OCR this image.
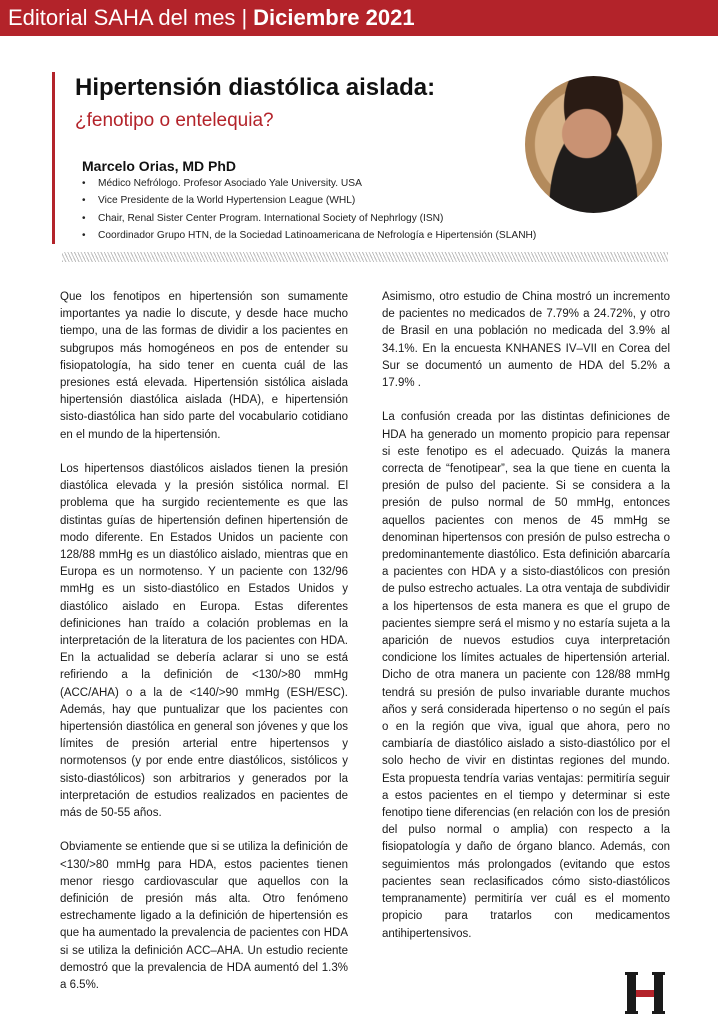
Editorial SAHA del mes | Diciembre 2021
Hipertensión diastólica aislada:
¿fenotipo o entelequia?
Marcelo Orias, MD PhD
• Médico Nefrólogo. Profesor Asociado Yale University. USA
• Vice Presidente de la World Hypertension League (WHL)
• Chair, Renal Sister Center Program. International Society of Nephrlogy (ISN)
• Coordinador Grupo HTN, de la Sociedad Latinoamericana de Nefrología e Hipertensión (SLANH)

Que los fenotipos en hipertensión son sumamente importantes ya nadie lo discute, y desde hace mucho tiempo, una de las formas de dividir a los pacientes en subgrupos más homogéneos en pos de entender su fisiopatología, ha sido tener en cuenta cuál de las presiones está elevada. Hipertensión sistólica aislada hipertensión diastólica aislada (HDA), e hipertensión sisto-diastólica han sido parte del vocabulario cotidiano en el mundo de la hipertensión.

Los hipertensos diastólicos aislados tienen la presión diastólica elevada y la presión sistólica normal. El problema que ha surgido recientemente es que las distintas guías de hipertensión definen hipertensión de modo diferente. En Estados Unidos un paciente con 128/88 mmHg es un diastólico aislado, mientras que en Europa es un normotenso. Y un paciente con 132/96 mmHg es un sisto-diastólico en Estados Unidos y diastólico aislado en Europa. Estas diferentes definiciones han traído a colación problemas en la interpretación de la literatura de los pacientes con HDA. En la actualidad se debería aclarar si uno se está refiriendo a la definición de <130/>80 mmHg (ACC/AHA) o a la de <140/>90 mmHg (ESH/ESC). Además, hay que puntualizar que los pacientes con hipertensión diastólica en general son jóvenes y que los límites de presión arterial entre hipertensos y normotensos (y por ende entre diastólicos, sistólicos y sisto-diastólicos) son arbitrarios y generados por la interpretación de estudios realizados en pacientes de más de 50-55 años.

Obviamente se entiende que si se utiliza la definición de <130/>80 mmHg para HDA, estos pacientes tienen menor riesgo cardiovascular que aquellos con la definición de presión más alta. Otro fenómeno estrechamente ligado a la definición de hipertensión es que ha aumentado la prevalencia de pacientes con HDA si se utiliza la definición ACC–AHA. Un estudio reciente demostró que la prevalencia de HDA aumentó del 1.3% a 6.5%.

Asimismo, otro estudio de China mostró un incremento de pacientes no medicados de 7.79% a 24.72%, y otro de Brasil en una población no medicada del 3.9% al 34.1%. En la encuesta KNHANES IV–VII en Corea del Sur se documentó un aumento de HDA del 5.2% a 17.9% .

La confusión creada por las distintas definiciones de HDA ha generado un momento propicio para repensar si este fenotipo es el adecuado. Quizás la manera correcta de “fenotipear”, sea la que tiene en cuenta la presión de pulso del paciente. Si se considera a la presión de pulso normal de 50 mmHg, entonces aquellos pacientes con menos de 45 mmHg se denominan hipertensos con presión de pulso estrecha o predominantemente diastólico. Esta definición abarcaría a pacientes con HDA y a sisto-diastólicos con presión de pulso estrecho actuales. La otra ventaja de subdividir a los hipertensos de esta manera es que el grupo de pacientes siempre será el mismo y no estaría sujeta a la aparición de nuevos estudios cuya interpretación condicione los límites actuales de hipertensión arterial. Dicho de otra manera un paciente con 128/88 mmHg tendrá su presión de pulso invariable durante muchos años y será considerada hipertenso o no según el país o en la región que viva, igual que ahora, pero no cambiaría de diastólico aislado a sisto-diastólico por el solo hecho de vivir en distintas regiones del mundo. Esta propuesta tendría varias ventajas: permitiría seguir a estos pacientes en el tiempo y determinar si este fenotipo tiene diferencias (en relación con los de presión del pulso normal o amplia) con respecto a la fisiopatología y daño de órgano blanco. Además, con seguimientos más prolongados (evitando que estos pacientes sean reclasificados cómo sisto-diastólicos tempranamente) permitiría ver cuál es el momento propicio para tratarlos con medicamentos antihipertensivos.
